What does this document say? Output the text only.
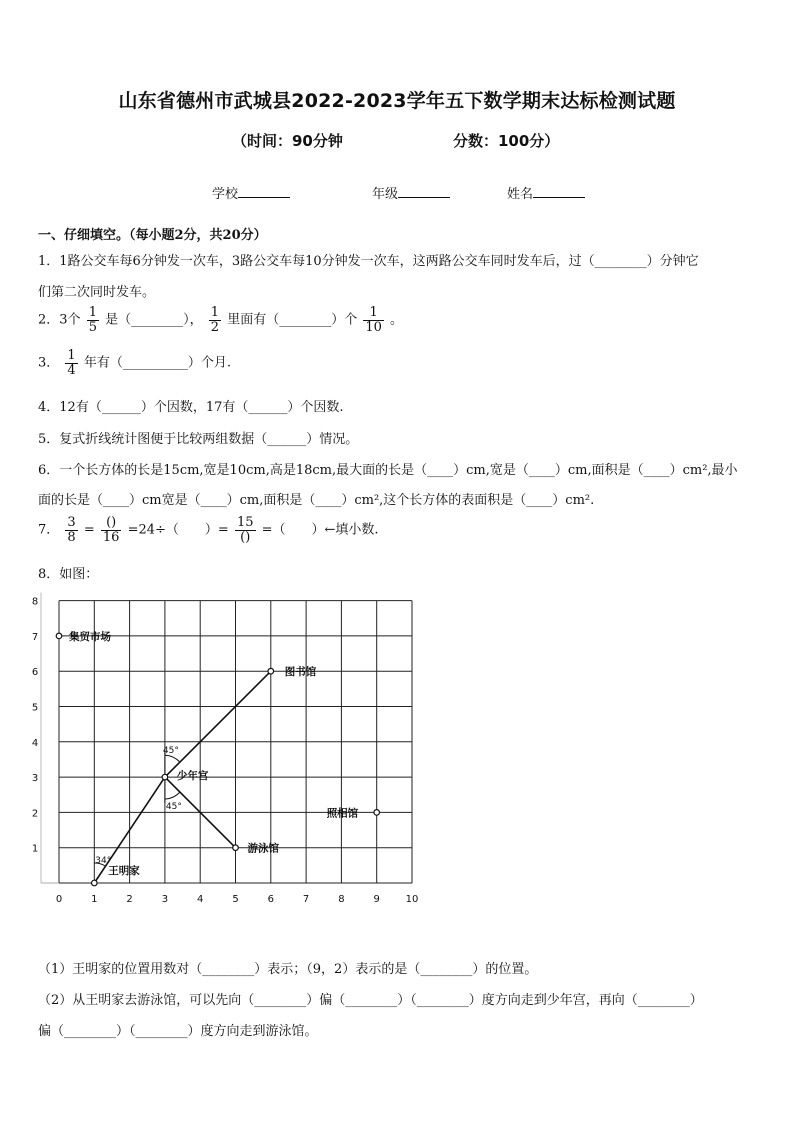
山东省德州市武城县2022-2023学年五下数学期末达标检测试题
（时间：90分钟	分数：100分）
学校	年级	姓名
一、仔细填空。（每小题2分，共20分）
1．1路公交车每6分钟发一次车，3路公交车每10分钟发一次车，这两路公交车同时发车后，过（________）分钟它
们第二次同时发车。
2．3个 $\frac{1}{5}$ 是（________）， $\frac{1}{2}$ 里面有（________）个 $\frac{1}{10}$ 。
3． $\frac{1}{4}$ 年有（__________）个月.
4．12有（______）个因数，17有（______）个因数.
5．复式折线统计图便于比较两组数据（______）情况。
6．一个长方体的长是15cm,宽是10cm,高是18cm,最大面的长是（____）cm,宽是（____）cm,面积是（____）cm²,最小
面的长是（____）cm宽是（____）cm,面积是（____）cm²,这个长方体的表面积是（____）cm².
7． $\frac{3}{8} = \frac{()}{16} =24\div$（　　）= $\frac{15}{()}$ =（　　）←填小数.
8．如图：
0	1	2	3	4	5	6	7	8	9	10
1
2
3
4
5
6
7
8
集贸市场
图书馆
少年宫
照相馆
游泳馆
王明家
45°
45°
34°
（1）王明家的位置用数对（________）表示；（9，2）表示的是（________）的位置。
（2）从王明家去游泳馆，可以先向（________）偏（________）（________）度方向走到少年宫，再向（________）
偏（________）（________）度方向走到游泳馆。
